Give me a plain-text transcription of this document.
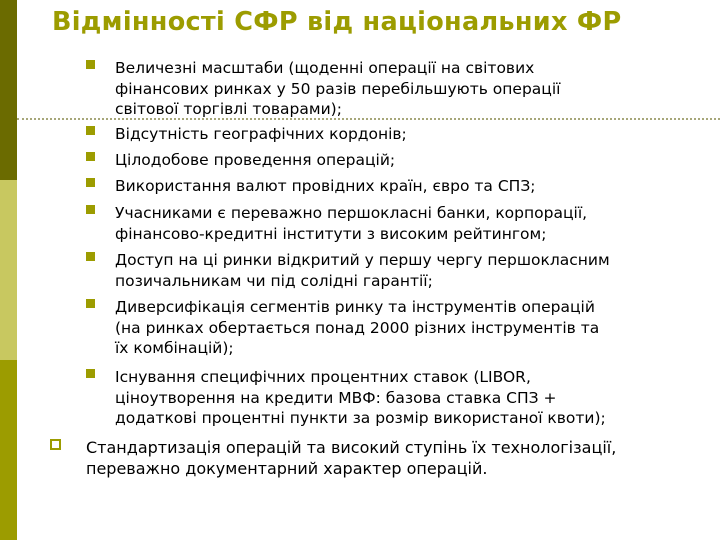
Відмінності СФР від національних ФР
Величезні масштаби (щоденні операції на світових
фінансових ринках у 50 разів перебільшують операції
світової торгівлі товарами);
Відсутність географічних кордонів;
Цілодобове проведення операцій;
Використання валют провідних країн, євро та СПЗ;
Учасниками є переважно першокласні банки, корпорації,
фінансово-кредитні інститути з високим рейтингом;
Доступ на ці ринки відкритий у першу чергу першокласним
позичальникам чи під солідні гарантії;
Диверсифікація сегментів ринку та інструментів операцій
(на ринках обертається понад 2000 різних інструментів та
їх комбінацій);
Існування специфічних процентних ставок (LIBOR,
ціноутворення на кредити МВФ: базова ставка СПЗ +
додаткові процентні пункти за розмір використаної квоти);
Стандартизація операцій та високий ступінь їх технологізації,
переважно документарний характер операцій.
